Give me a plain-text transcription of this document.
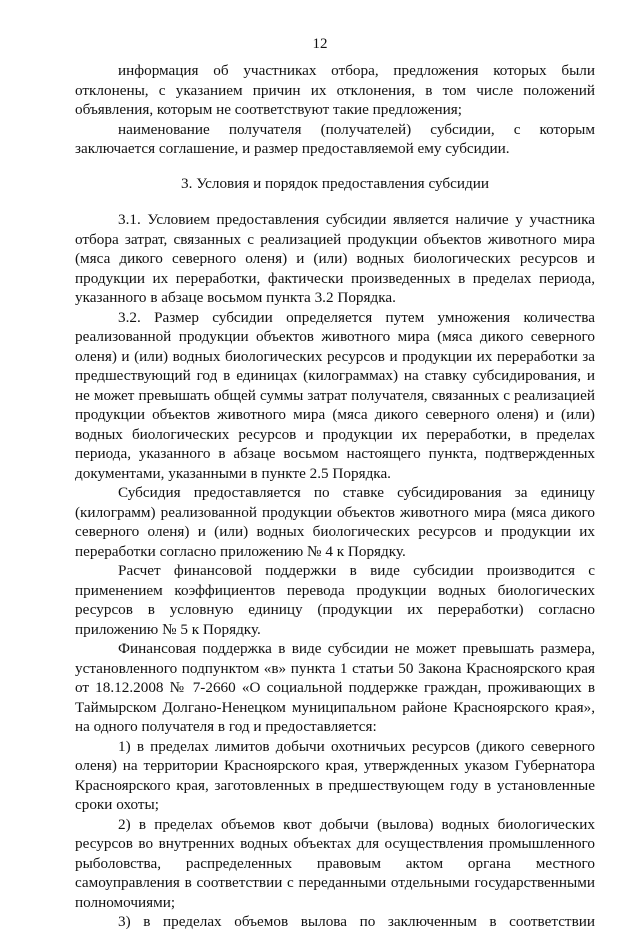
12

информация об участниках отбора, предложения которых были отклонены, с указанием причин их отклонения, в том числе положений объявления, которым не соответствуют такие предложения;

наименование получателя (получателей) субсидии, с которым заключается соглашение, и размер предоставляемой ему субсидии.

3. Условия и порядок предоставления субсидии

3.1. Условием предоставления субсидии является наличие у участника отбора затрат, связанных с реализацией продукции объектов животного мира (мяса дикого северного оленя) и (или) водных биологических ресурсов и продукции их переработки, фактически произведенных в пределах периода, указанного в абзаце восьмом пункта 3.2 Порядка.

3.2. Размер субсидии определяется путем умножения количества реализованной продукции объектов животного мира (мяса дикого северного оленя) и (или) водных биологических ресурсов и продукции их переработки за предшествующий год в единицах (килограммах) на ставку субсидирования, и не может превышать общей суммы затрат получателя, связанных с реализацией продукции объектов животного мира (мяса дикого северного оленя) и (или) водных биологических ресурсов и продукции их переработки, в пределах периода, указанного в абзаце восьмом настоящего пункта, подтвержденных документами, указанными в пункте 2.5 Порядка.

Субсидия предоставляется по ставке субсидирования за единицу (килограмм) реализованной продукции объектов животного мира (мяса дикого северного оленя) и (или) водных биологических ресурсов и продукции их переработки согласно приложению № 4 к Порядку.

Расчет финансовой поддержки в виде субсидии производится с применением коэффициентов перевода продукции водных биологических ресурсов в условную единицу (продукции их переработки) согласно приложению № 5 к Порядку.

Финансовая поддержка в виде субсидии не может превышать размера, установленного подпунктом «в» пункта 1 статьи 50 Закона Красноярского края от 18.12.2008 № 7-2660 «О социальной поддержке граждан, проживающих в Таймырском Долгано-Ненецком муниципальном районе Красноярского края», на одного получателя в год и предоставляется:

1) в пределах лимитов добычи охотничьих ресурсов (дикого северного оленя) на территории Красноярского края, утвержденных указом Губернатора Красноярского края, заготовленных в предшествующем году в установленные сроки охоты;

2) в пределах объемов квот добычи (вылова) водных биологических ресурсов во внутренних водных объектах для осуществления промышленного рыболовства, распределенных правовым актом органа местного самоуправления в соответствии с переданными отдельными государственными полномочиями;

3) в пределах объемов вылова по заключенным в соответствии
